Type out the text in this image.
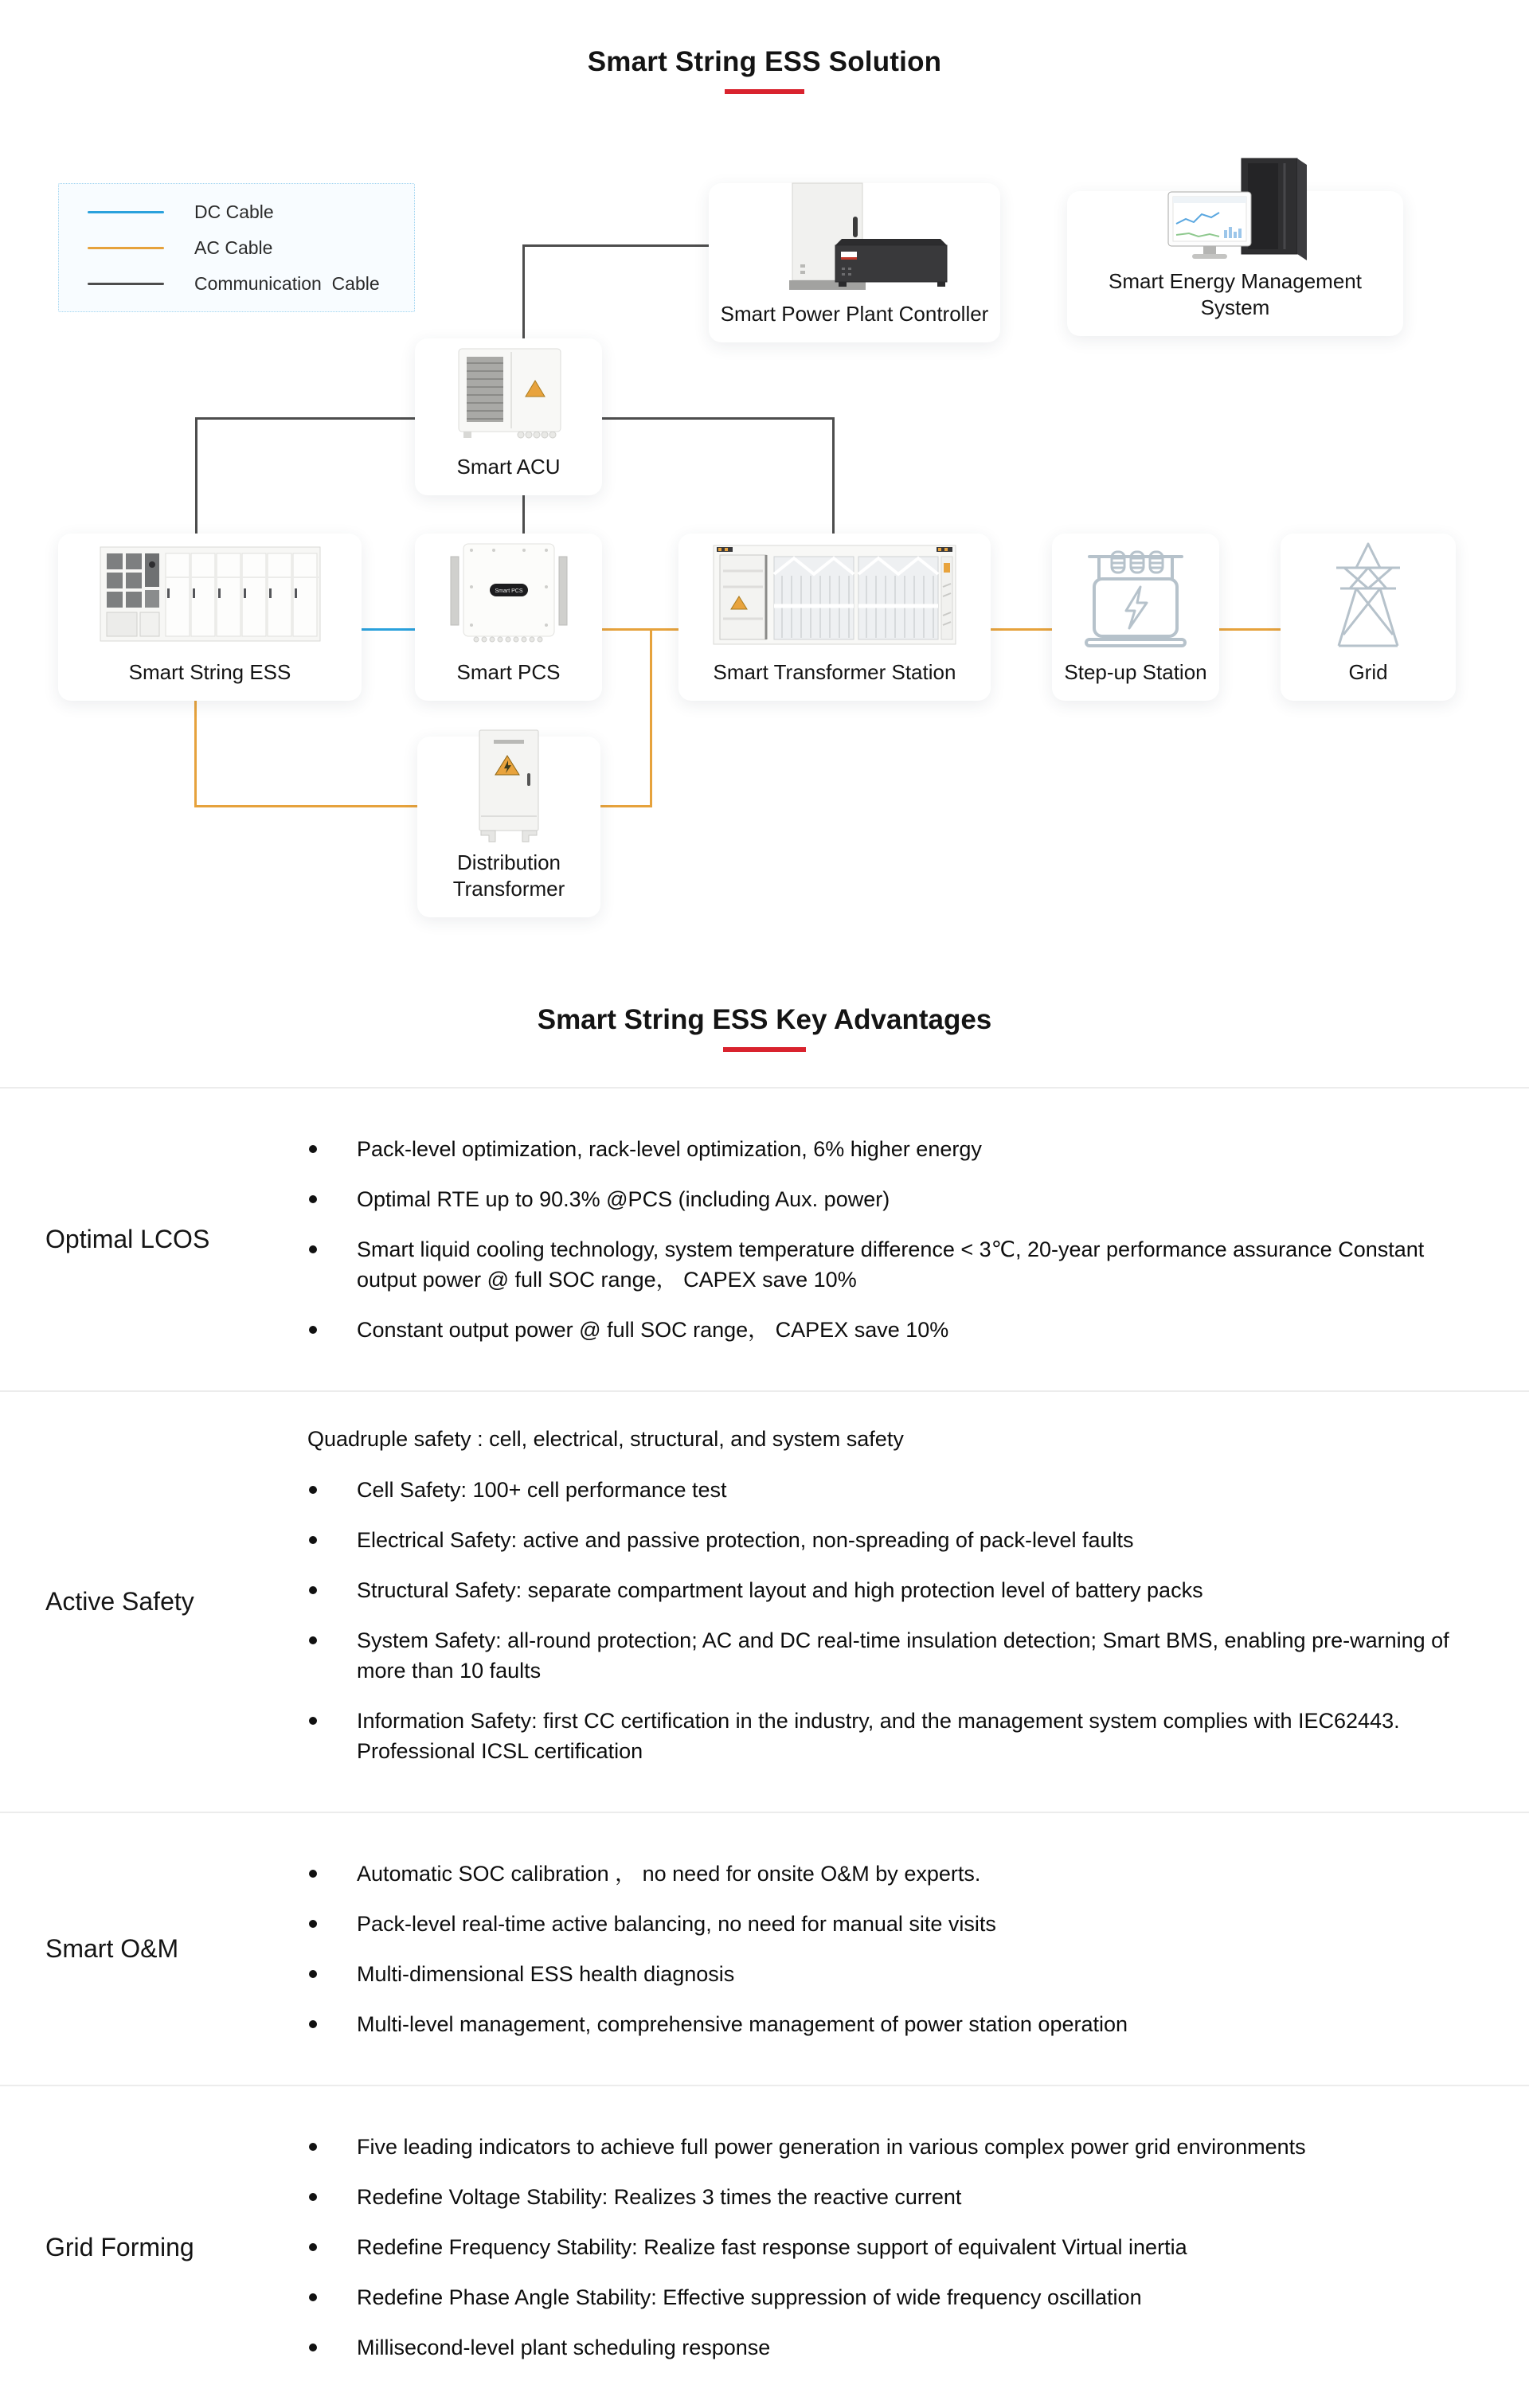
Smart String ESS Solution
DC Cable
AC Cable
Communication  Cable
Smart Power Plant Controller
Smart Energy Management System
Smart ACU
Smart String ESS
Smart PCS
Smart PCS	Smart Transformer Station	Step-up Station	Grid
Distribution Transformer
Smart String ESS Key Advantages
Optimal LCOS
Pack-level optimization, rack-level optimization, 6% higher energy
Optimal RTE up to 90.3% @PCS (including Aux. power)
Smart liquid cooling technology, system temperature difference < 3℃, 20-year performance assurance Constant output power @ full SOC range， CAPEX save 10%
Constant output power @ full SOC range， CAPEX save 10%
Active Safety

Quadruple safety : cell, electrical, structural, and system safety

Cell Safety: 100+ cell performance test
Electrical Safety: active and passive protection, non-spreading of pack-level faults
Structural Safety: separate compartment layout and high protection level of battery packs
System Safety: all-round protection; AC and DC real-time insulation detection; Smart BMS, enabling pre-warning of more than 10 faults
Information Safety: first CC certification in the industry, and the management system complies with IEC62443. Professional ICSL certification
Smart O&M
Automatic SOC calibration ， no need for onsite O&M by experts.
Pack-level real-time active balancing, no need for manual site visits
Multi-dimensional ESS health diagnosis
Multi-level management, comprehensive management of power station operation
Grid Forming
Five leading indicators to achieve full power generation in various complex power grid environments
Redefine Voltage Stability: Realizes 3 times the reactive current
Redefine Frequency Stability: Realize fast response support of equivalent Virtual inertia
Redefine Phase Angle Stability: Effective suppression of wide frequency oscillation
Millisecond-level plant scheduling response
